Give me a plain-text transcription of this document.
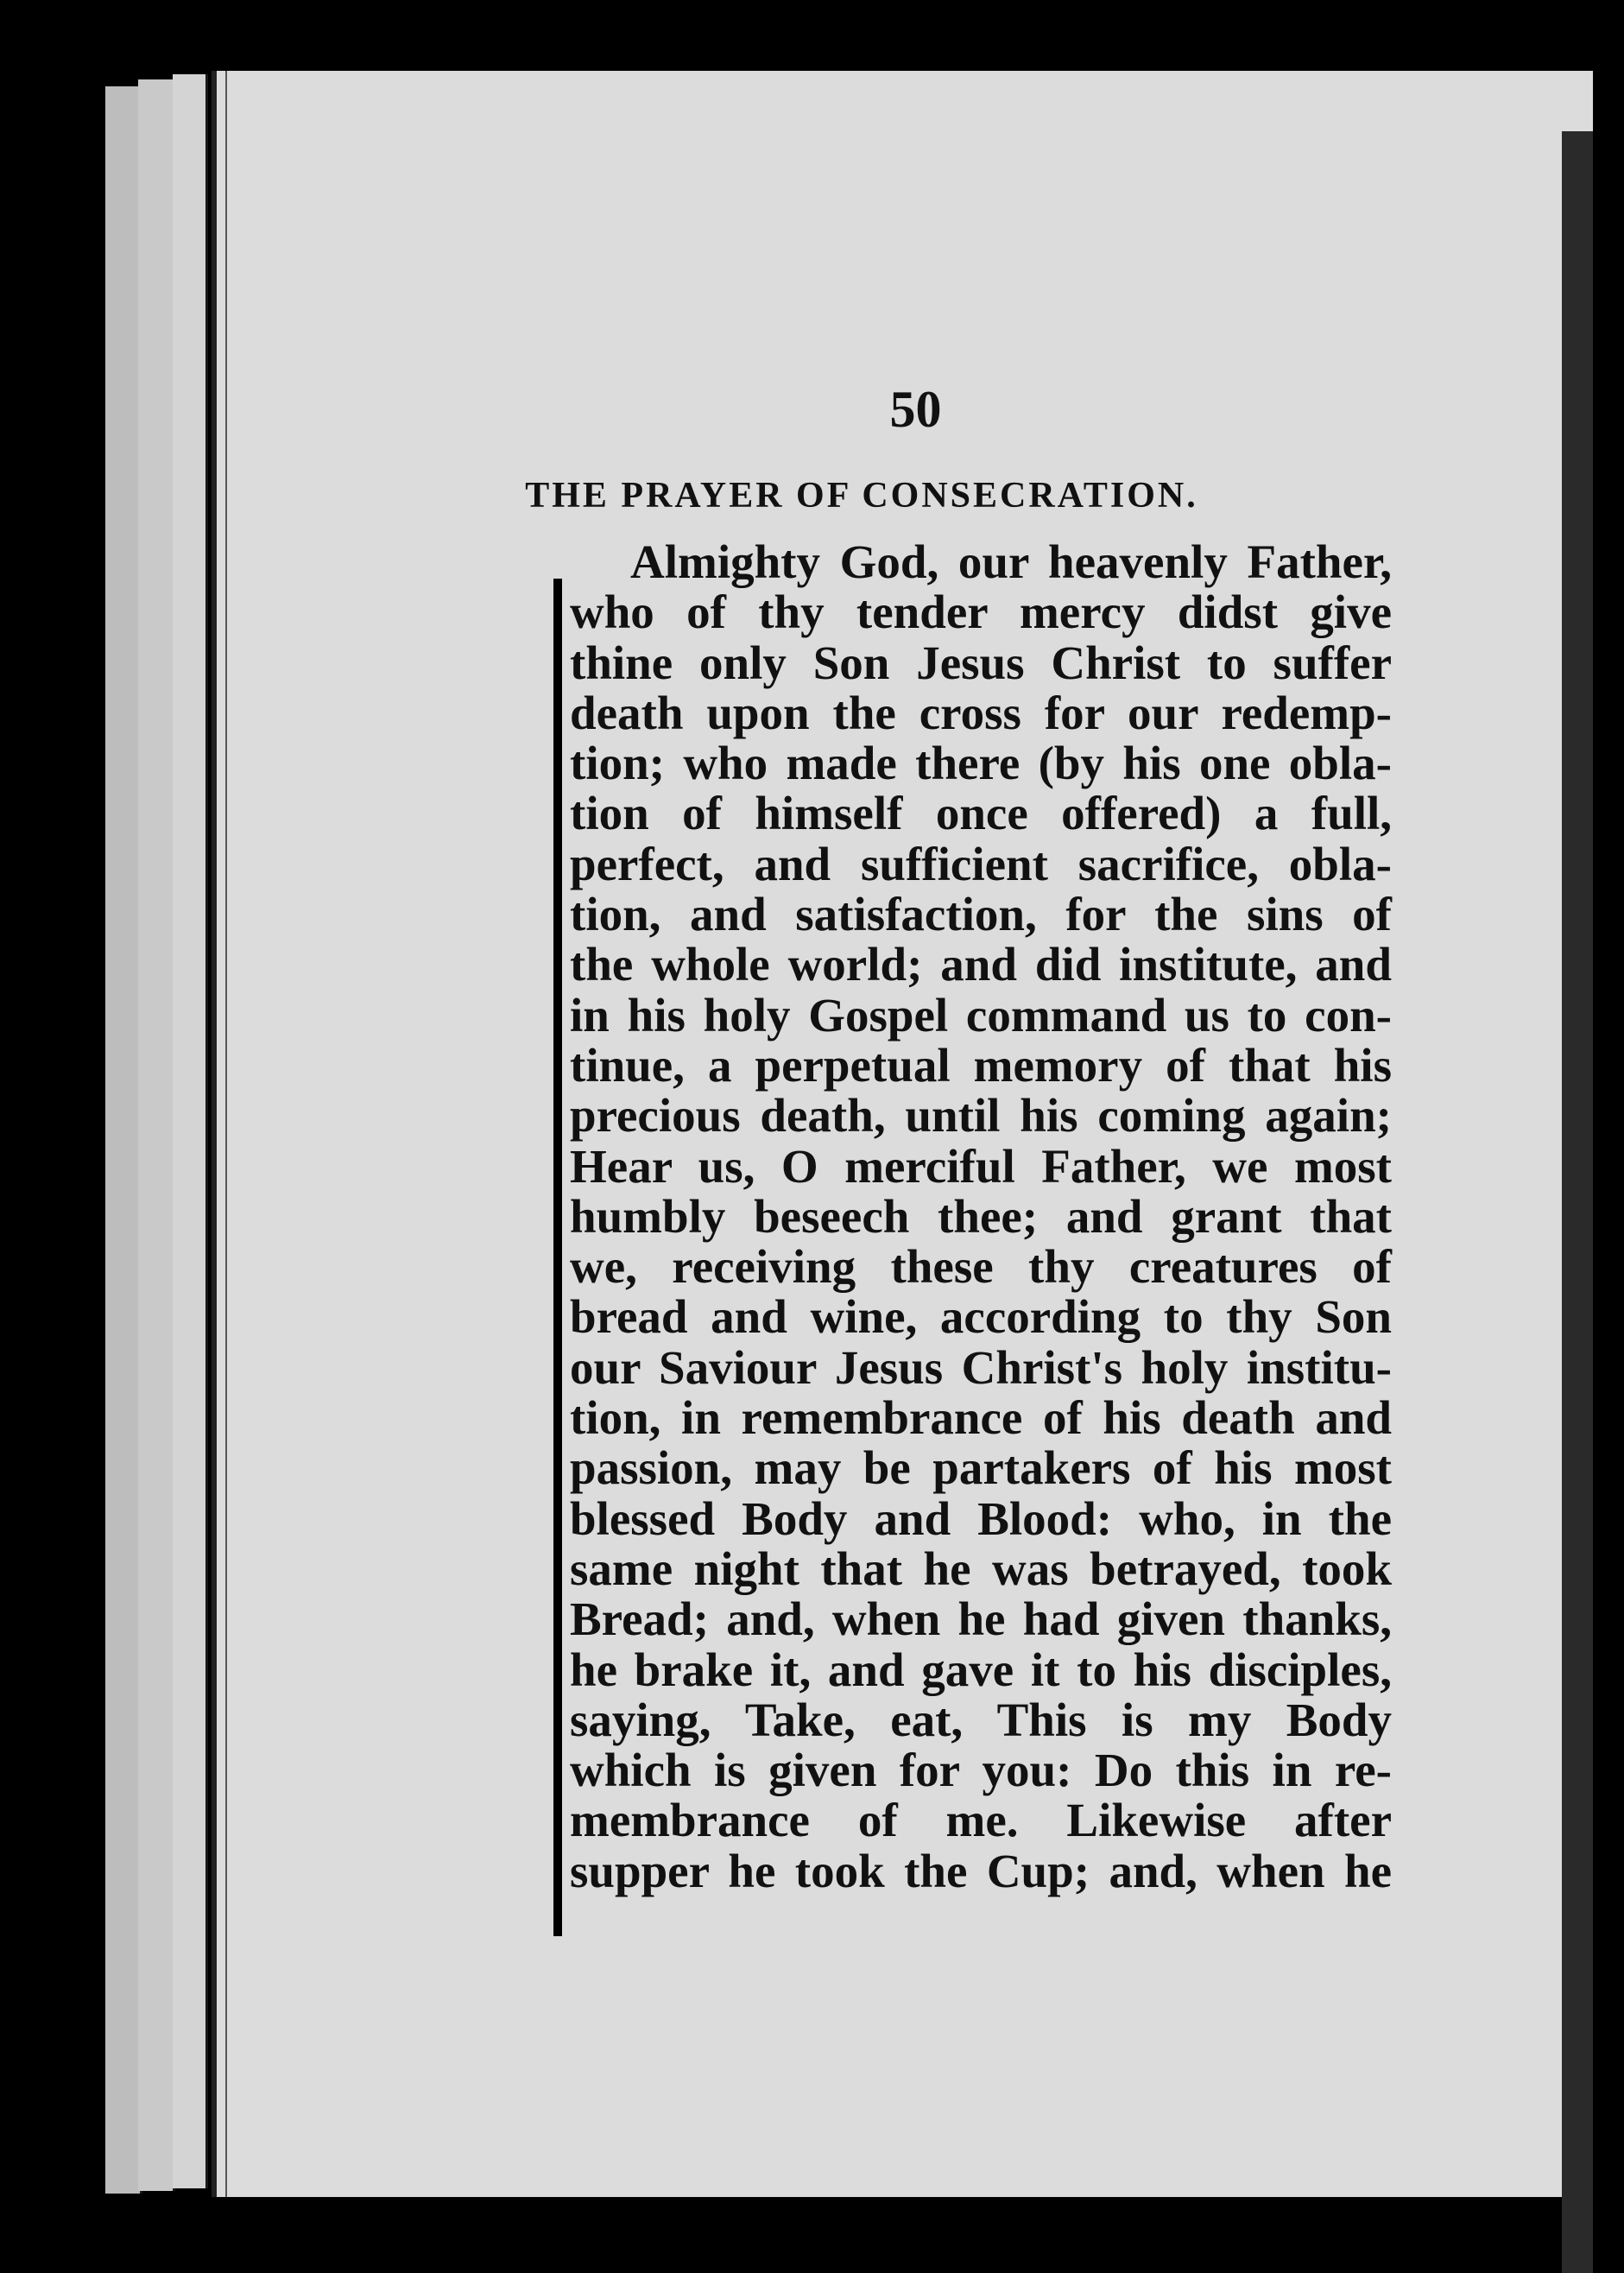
50
THE PRAYER OF CONSECRATION.

Almighty God, our heavenly Father,
who of thy tender mercy didst give
thine only Son Jesus Christ to suffer
death upon the cross for our redemp-
tion; who made there (by his one obla-
tion of himself once offered) a full,
perfect, and sufficient sacrifice, obla-
tion, and satisfaction, for the sins of
the whole world; and did institute, and
in his holy Gospel command us to con-
tinue, a perpetual memory of that his
precious death, until his coming again;
Hear us, O merciful Father, we most
humbly beseech thee; and grant that
we, receiving these thy creatures of
bread and wine, according to thy Son
our Saviour Jesus Christ's holy institu-
tion, in remembrance of his death and
passion, may be partakers of his most
blessed Body and Blood: who, in the
same night that he was betrayed, took
Bread; and, when he had given thanks,
he brake it, and gave it to his disciples,
saying, Take, eat, This is my Body
which is given for you: Do this in re-
membrance of me. Likewise after
supper he took the Cup; and, when he
